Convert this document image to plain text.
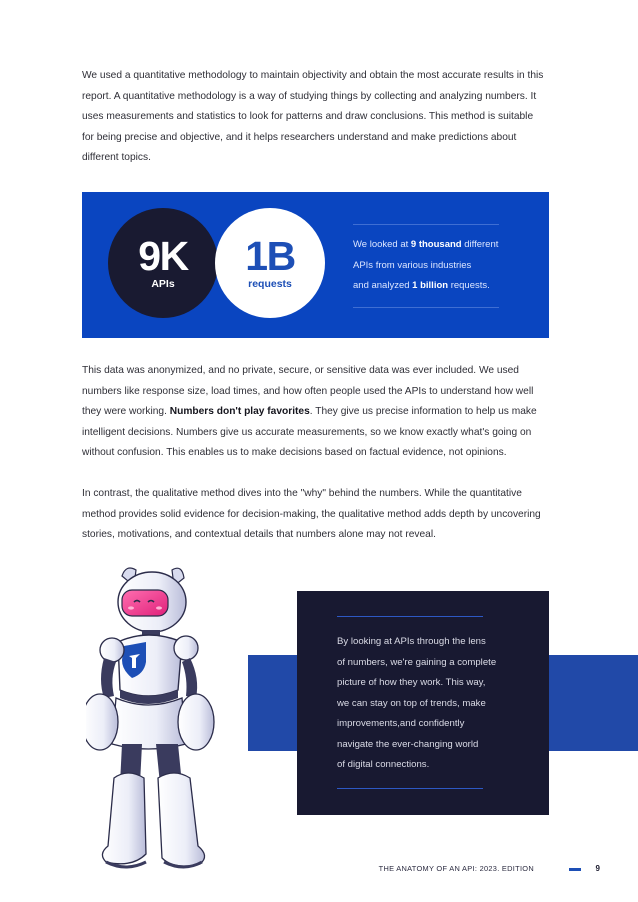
We used a quantitative methodology to maintain objectivity and obtain the most accurate results in this
report. A quantitative methodology is a way of studying things by collecting and analyzing numbers. It
uses measurements and statistics to look for patterns and draw conclusions. This method is suitable
for being precise and objective, and it helps researchers understand and make predictions about
different topics.
9K
APIs
1B
requests
We looked at 9 thousand different
APIs from various industries
and analyzed 1 billion requests.
This data was anonymized, and no private, secure, or sensitive data was ever included. We used
numbers like response size, load times, and how often people used the APIs to understand how well
they were working. Numbers don't play favorites. They give us precise information to help us make
intelligent decisions. Numbers give us accurate measurements, so we know exactly what's going on
without confusion. This enables us to make decisions based on factual evidence, not opinions.
In contrast, the qualitative method dives into the "why" behind the numbers. While the quantitative
method provides solid evidence for decision-making, the qualitative method adds depth by uncovering
stories, motivations, and contextual details that numbers alone may not reveal.
By looking at APIs through the lens
of numbers, we're gaining a complete
picture of how they work. This way,
we can stay on top of trends, make
improvements,and confidently
navigate the ever-changing world
of digital connections.
THE ANATOMY OF AN API: 2023. EDITION	9
